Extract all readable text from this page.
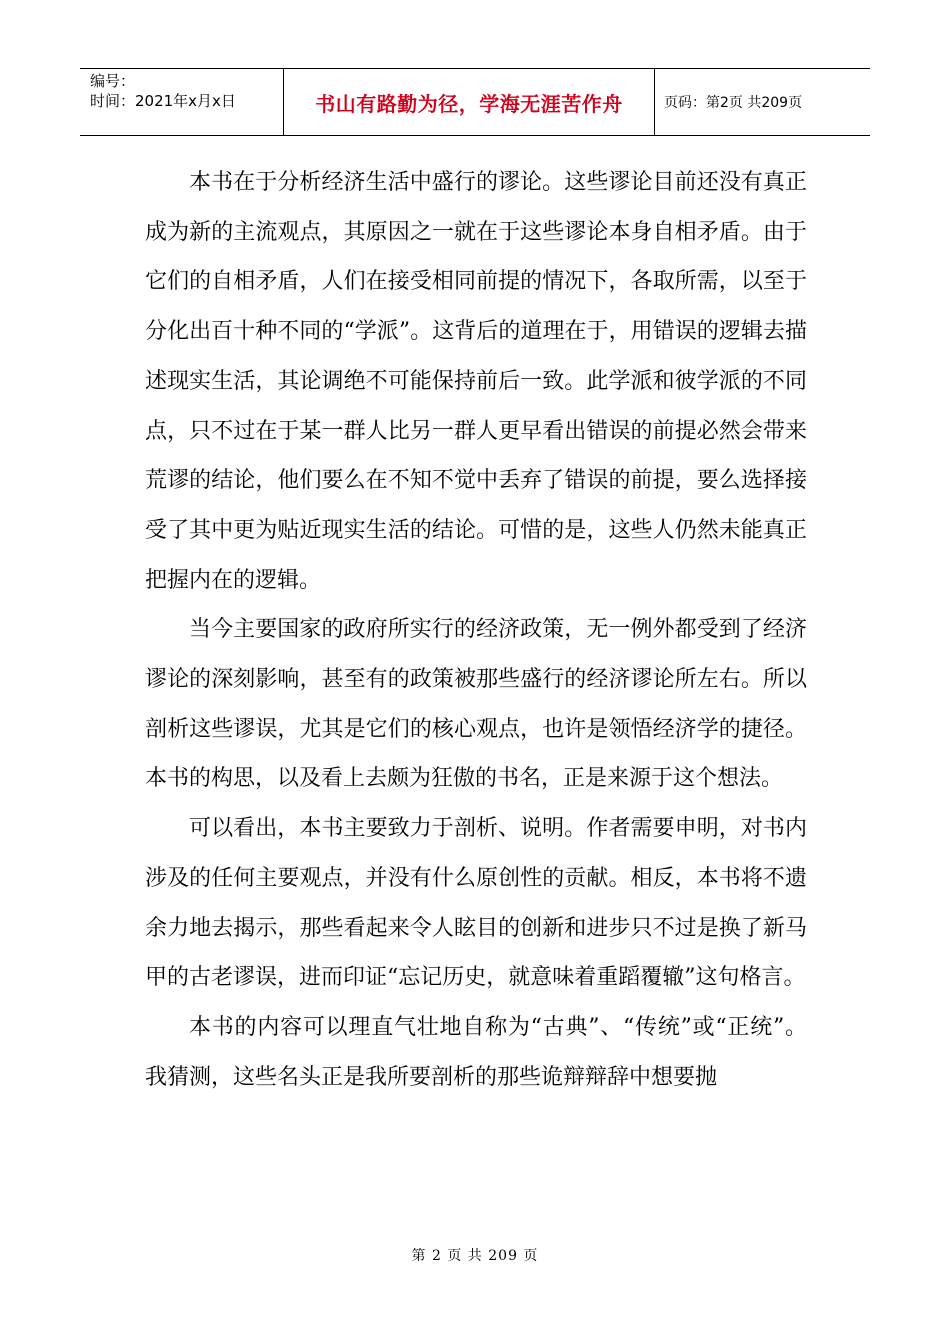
编号：
时间：2021年x月x日	书山有路勤为径，学海无涯苦作舟	页码：第2页 共209页

本书在于分析经济生活中盛行的谬论。这些谬论目前还没有真正成为新的主流观点，其原因之一就在于这些谬论本身自相矛盾。由于它们的自相矛盾，人们在接受相同前提的情况下，各取所需，以至于分化出百十种不同的“学派”。这背后的道理在于，用错误的逻辑去描述现实生活，其论调绝不可能保持前后一致。此学派和彼学派的不同点，只不过在于某一群人比另一群人更早看出错误的前提必然会带来荒谬的结论，他们要么在不知不觉中丢弃了错误的前提，要么选择接受了其中更为贴近现实生活的结论。可惜的是，这些人仍然未能真正把握内在的逻辑。

当今主要国家的政府所实行的经济政策，无一例外都受到了经济谬论的深刻影响，甚至有的政策被那些盛行的经济谬论所左右。所以剖析这些谬误，尤其是它们的核心观点，也许是领悟经济学的捷径。本书的构思，以及看上去颇为狂傲的书名，正是来源于这个想法。

可以看出，本书主要致力于剖析、说明。作者需要申明，对书内涉及的任何主要观点，并没有什么原创性的贡献。相反，本书将不遗余力地去揭示，那些看起来令人眩目的创新和进步只不过是换了新马甲的古老谬误，进而印证“忘记历史，就意味着重蹈覆辙”这句格言。

本书的内容可以理直气壮地自称为“古典”、“传统”或“正统”。 我猜测，这些名头正是我所要剖析的那些诡辩辩辞中想要抛

第 2 页 共 209 页
